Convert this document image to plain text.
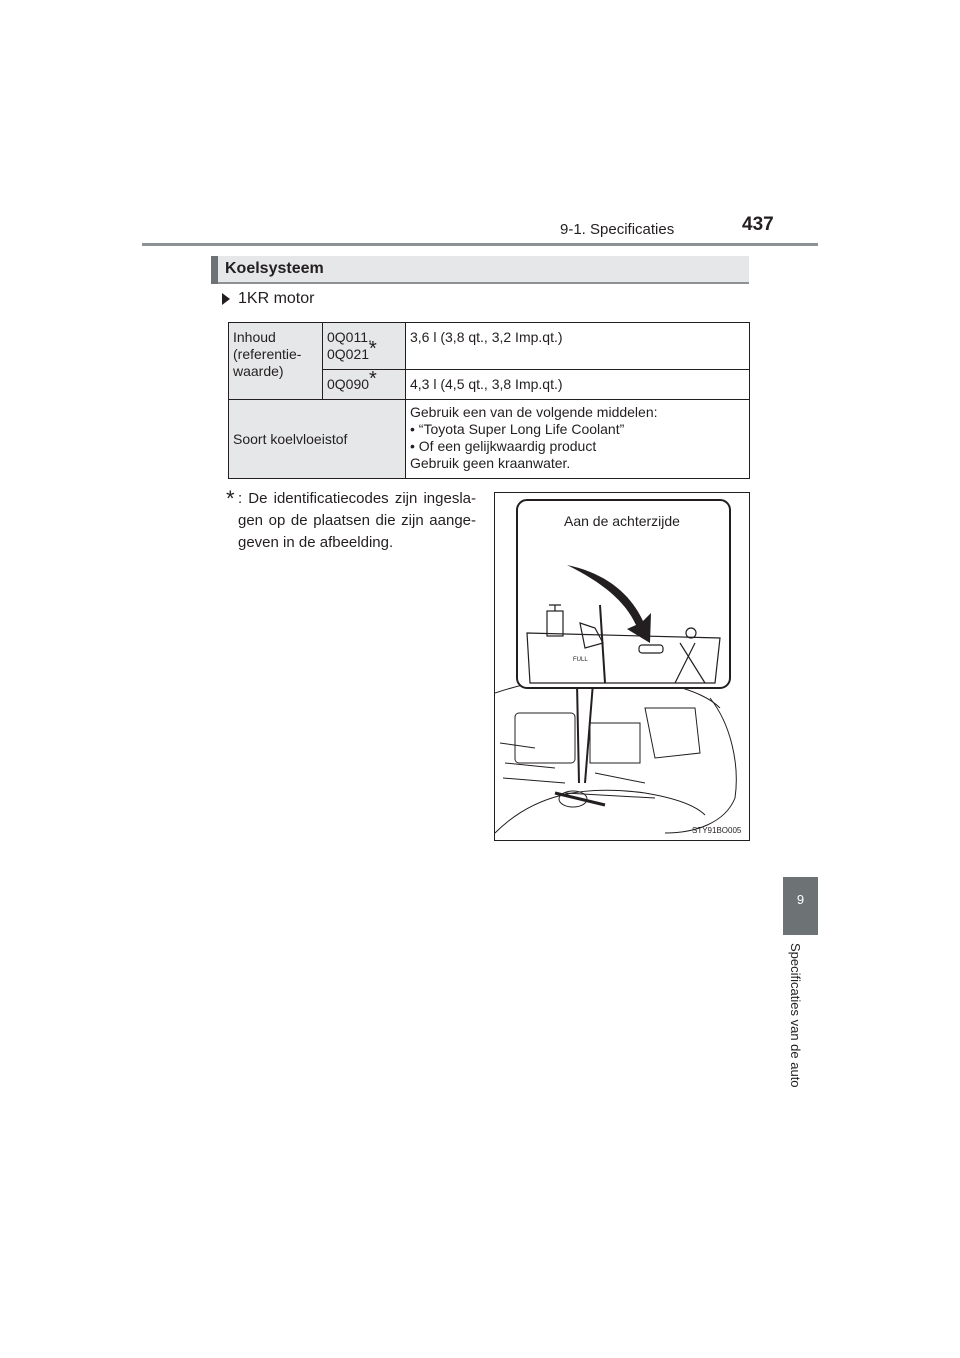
9-1. Specificaties	437
Koelsysteem
1KR motor
Inhoud (referentie-waarde)	0Q011, 0Q021*	3,6 l (3,8 qt., 3,2 Imp.qt.)
	0Q090*	4,3 l (4,5 qt., 3,8 Imp.qt.)
Soort koelvloeistof		Gebruik een van de volgende middelen:
• “Toyota Super Long Life Coolant”
• Of een gelijkwaardig product
Gebruik geen kraanwater.
* : De identificatiecodes zijn ingesla-gen op de plaatsen die zijn aange-geven in de afbeelding.
FULL
Aan de achterzijde
STY91BO005
9
Specificaties van de auto
